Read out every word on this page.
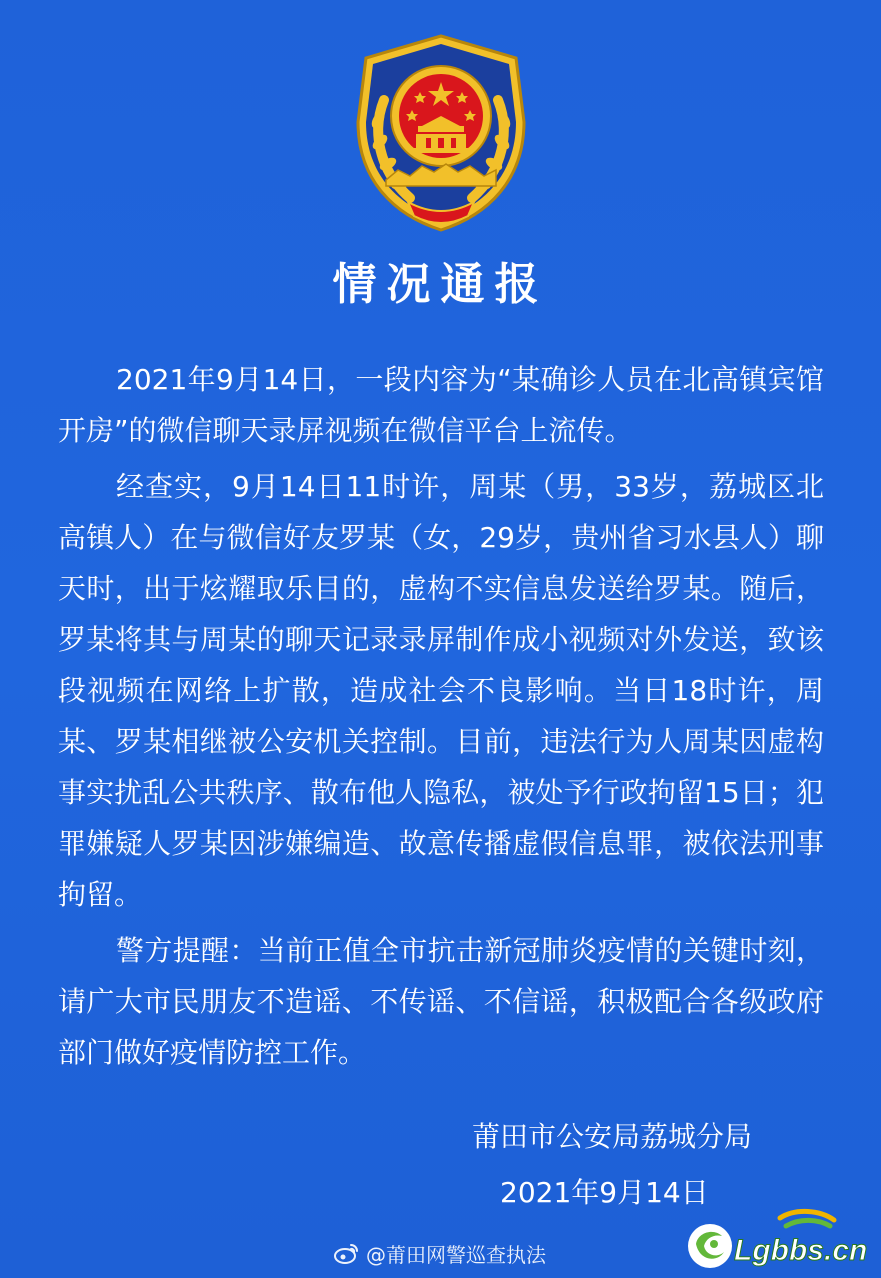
情况通报

2021年9月14日，一段内容为“某确诊人员在北高镇宾馆开房”的微信聊天录屏视频在微信平台上流传。

经查实，9月14日11时许，周某（男，33岁，荔城区北高镇人）在与微信好友罗某（女，29岁，贵州省习水县人）聊天时，出于炫耀取乐目的，虚构不实信息发送给罗某。随后，罗某将其与周某的聊天记录录屏制作成小视频对外发送，致该段视频在网络上扩散，造成社会不良影响。当日18时许，周某、罗某相继被公安机关控制。目前，违法行为人周某因虚构事实扰乱公共秩序、散布他人隐私，被处予行政拘留15日；犯罪嫌疑人罗某因涉嫌编造、故意传播虚假信息罪，被依法刑事拘留。

警方提醒：当前正值全市抗击新冠肺炎疫情的关键时刻，请广大市民朋友不造谣、不传谣、不信谣，积极配合各级政府部门做好疫情防控工作。

莆田市公安局荔城分局
2021年9月14日
@莆田网警巡查执法	Lgbbs.cn
